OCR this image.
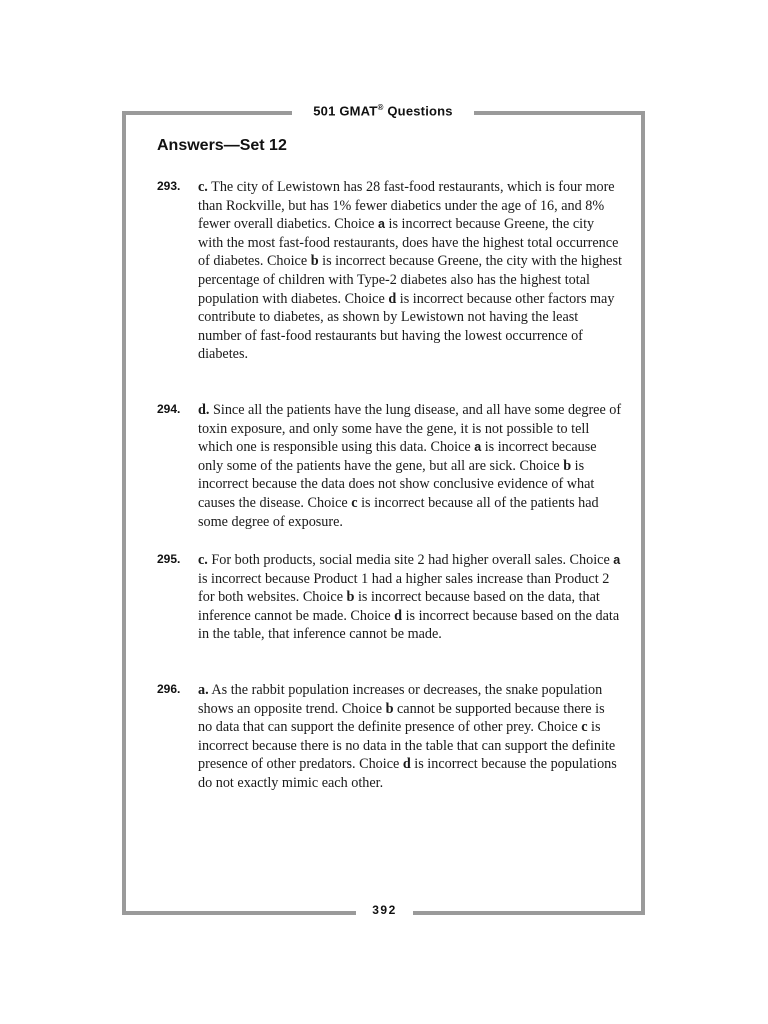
501 GMAT® Questions
Answers—Set 12
293. c. The city of Lewistown has 28 fast-food restaurants, which is four more than Rockville, but has 1% fewer diabetics under the age of 16, and 8% fewer overall diabetics. Choice a is incorrect because Greene, the city with the most fast-food restaurants, does have the highest total occurrence of diabetes. Choice b is incorrect because Greene, the city with the highest percentage of children with Type-2 diabetes also has the highest total population with diabetes. Choice d is incorrect because other factors may contribute to diabetes, as shown by Lewistown not having the least number of fast-food restaurants but having the lowest occurrence of diabetes.
294. d. Since all the patients have the lung disease, and all have some degree of toxin exposure, and only some have the gene, it is not possible to tell which one is responsible using this data. Choice a is incorrect because only some of the patients have the gene, but all are sick. Choice b is incorrect because the data does not show conclusive evidence of what causes the disease. Choice c is incorrect because all of the patients had some degree of exposure.
295. c. For both products, social media site 2 had higher overall sales. Choice a is incorrect because Product 1 had a higher sales increase than Product 2 for both websites. Choice b is incorrect because based on the data, that inference cannot be made. Choice d is incorrect because based on the data in the table, that inference cannot be made.
296. a. As the rabbit population increases or decreases, the snake population shows an opposite trend. Choice b cannot be supported because there is no data that can support the definite presence of other prey. Choice c is incorrect because there is no data in the table that can support the definite presence of other predators. Choice d is incorrect because the populations do not exactly mimic each other.
392
